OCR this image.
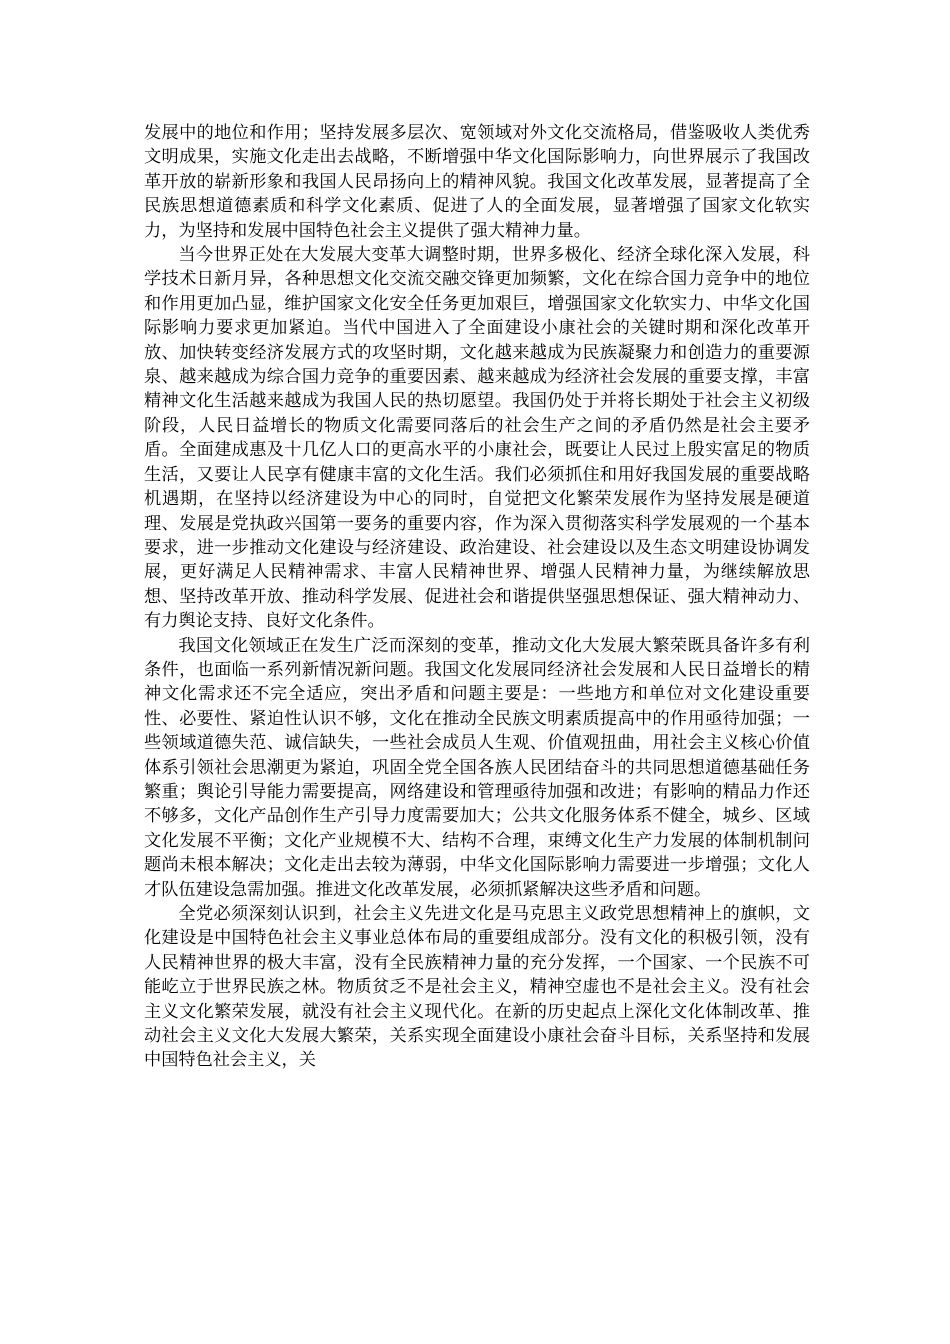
发展中的地位和作用；坚持发展多层次、宽领域对外文化交流格局，借鉴吸收人类优秀文明成果，实施文化走出去战略，不断增强中华文化国际影响力，向世界展示了我国改革开放的崭新形象和我国人民昂扬向上的精神风貌。我国文化改革发展，显著提高了全民族思想道德素质和科学文化素质、促进了人的全面发展，显著增强了国家文化软实力，为坚持和发展中国特色社会主义提供了强大精神力量。

当今世界正处在大发展大变革大调整时期，世界多极化、经济全球化深入发展，科学技术日新月异，各种思想文化交流交融交锋更加频繁，文化在综合国力竞争中的地位和作用更加凸显，维护国家文化安全任务更加艰巨，增强国家文化软实力、中华文化国际影响力要求更加紧迫。当代中国进入了全面建设小康社会的关键时期和深化改革开放、加快转变经济发展方式的攻坚时期，文化越来越成为民族凝聚力和创造力的重要源泉、越来越成为综合国力竞争的重要因素、越来越成为经济社会发展的重要支撑，丰富精神文化生活越来越成为我国人民的热切愿望。我国仍处于并将长期处于社会主义初级阶段，人民日益增长的物质文化需要同落后的社会生产之间的矛盾仍然是社会主要矛盾。全面建成惠及十几亿人口的更高水平的小康社会，既要让人民过上殷实富足的物质生活，又要让人民享有健康丰富的文化生活。我们必须抓住和用好我国发展的重要战略机遇期，在坚持以经济建设为中心的同时，自觉把文化繁荣发展作为坚持发展是硬道理、发展是党执政兴国第一要务的重要内容，作为深入贯彻落实科学发展观的一个基本要求，进一步推动文化建设与经济建设、政治建设、社会建设以及生态文明建设协调发展，更好满足人民精神需求、丰富人民精神世界、增强人民精神力量，为继续解放思想、坚持改革开放、推动科学发展、促进社会和谐提供坚强思想保证、强大精神动力、有力舆论支持、良好文化条件。

我国文化领域正在发生广泛而深刻的变革，推动文化大发展大繁荣既具备许多有利条件，也面临一系列新情况新问题。我国文化发展同经济社会发展和人民日益增长的精神文化需求还不完全适应，突出矛盾和问题主要是：一些地方和单位对文化建设重要性、必要性、紧迫性认识不够，文化在推动全民族文明素质提高中的作用亟待加强；一些领域道德失范、诚信缺失，一些社会成员人生观、价值观扭曲，用社会主义核心价值体系引领社会思潮更为紧迫，巩固全党全国各族人民团结奋斗的共同思想道德基础任务繁重；舆论引导能力需要提高，网络建设和管理亟待加强和改进；有影响的精品力作还不够多，文化产品创作生产引导力度需要加大；公共文化服务体系不健全，城乡、区域文化发展不平衡；文化产业规模不大、结构不合理，束缚文化生产力发展的体制机制问题尚未根本解决；文化走出去较为薄弱，中华文化国际影响力需要进一步增强；文化人才队伍建设急需加强。推进文化改革发展，必须抓紧解决这些矛盾和问题。

全党必须深刻认识到，社会主义先进文化是马克思主义政党思想精神上的旗帜，文化建设是中国特色社会主义事业总体布局的重要组成部分。没有文化的积极引领，没有人民精神世界的极大丰富，没有全民族精神力量的充分发挥，一个国家、一个民族不可能屹立于世界民族之林。物质贫乏不是社会主义，精神空虚也不是社会主义。没有社会主义文化繁荣发展，就没有社会主义现代化。在新的历史起点上深化文化体制改革、推动社会主义文化大发展大繁荣，关系实现全面建设小康社会奋斗目标，关系坚持和发展中国特色社会主义，关
